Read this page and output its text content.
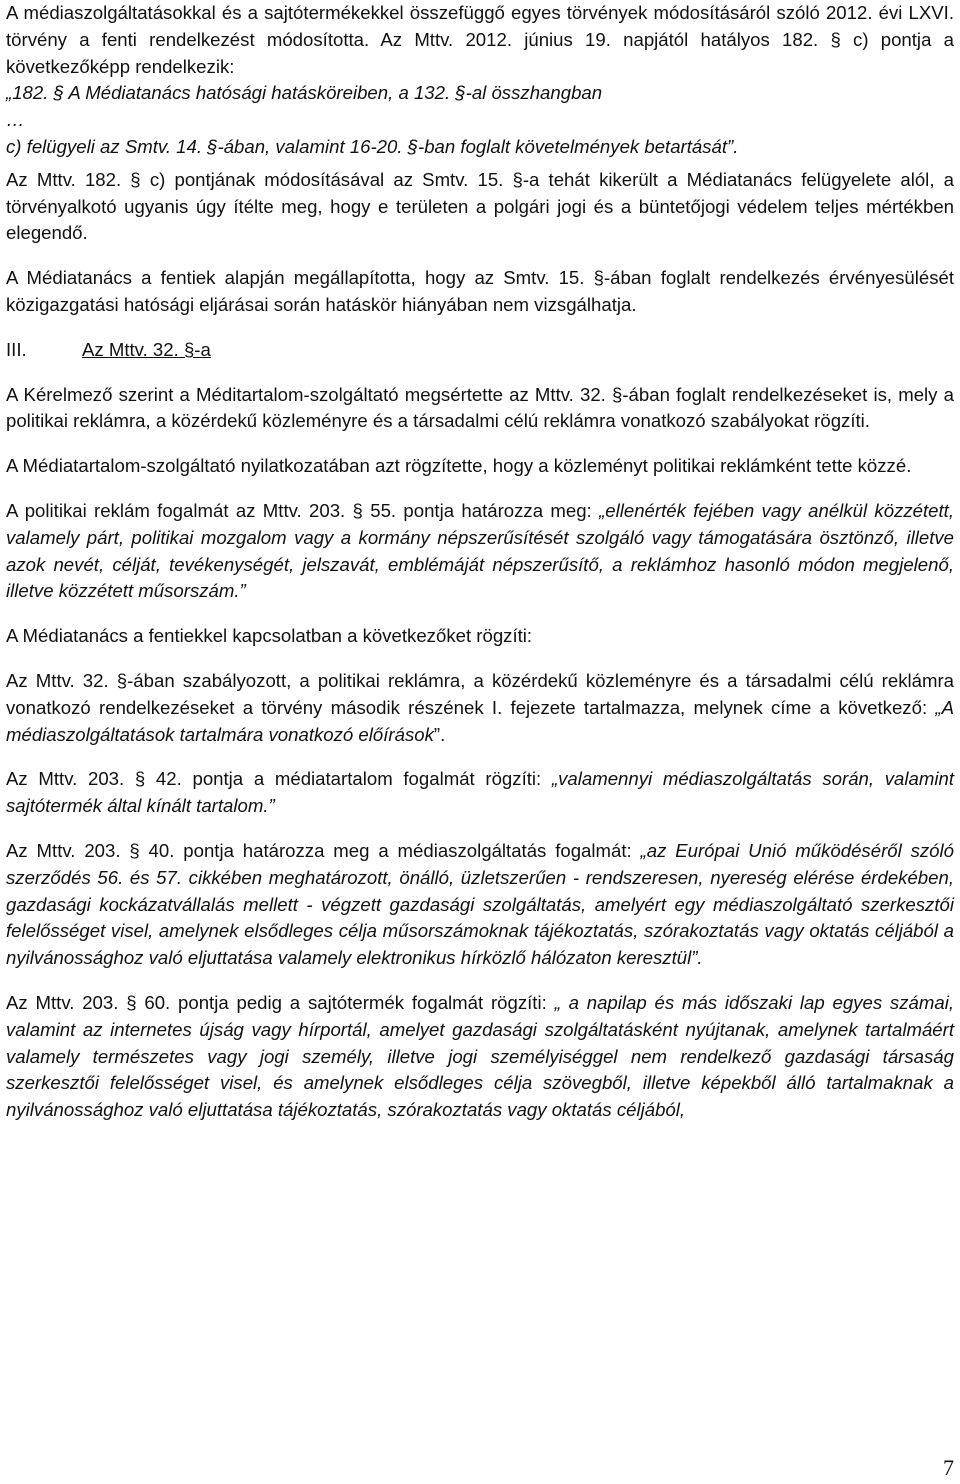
A médiaszolgáltatásokkal és a sajtótermékekkel összefüggő egyes törvények módosításáról szóló 2012. évi LXVI. törvény a fenti rendelkezést módosította. Az Mttv. 2012. június 19. napjától hatályos 182. § c) pontja a következőképp rendelkezik:

„182. § A Médiatanács hatósági hatásköreiben, a 132. §-al összhangban

…

c) felügyeli az Smtv. 14. §-ában, valamint 16-20. §-ban foglalt követelmények betartását”.

Az Mttv. 182. § c) pontjának módosításával az Smtv. 15. §-a tehát kikerült a Médiatanács felügyelete alól, a törvényalkotó ugyanis úgy ítélte meg, hogy e területen a polgári jogi és a büntetőjogi védelem teljes mértékben elegendő.

A Médiatanács a fentiek alapján megállapította, hogy az Smtv. 15. §-ában foglalt rendelkezés érvényesülését közigazgatási hatósági eljárásai során hatáskör hiányában nem vizsgálhatja.

III.	Az Mttv. 32. §-a

A Kérelmező szerint a Méditartalom-szolgáltató megsértette az Mttv. 32. §-ában foglalt rendelkezéseket is, mely a politikai reklámra, a közérdekű közleményre és a társadalmi célú reklámra vonatkozó szabályokat rögzíti.

A Médiatartalom-szolgáltató nyilatkozatában azt rögzítette, hogy a közleményt politikai reklámként tette közzé.

A politikai reklám fogalmát az Mttv. 203. § 55. pontja határozza meg: „ellenérték fejében vagy anélkül közzétett, valamely párt, politikai mozgalom vagy a kormány népszerűsítését szolgáló vagy támogatására ösztönző, illetve azok nevét, célját, tevékenységét, jelszavát, emblémáját népszerűsítő, a reklámhoz hasonló módon megjelenő, illetve közzétett műsorszám.”

A Médiatanács a fentiekkel kapcsolatban a következőket rögzíti:

Az Mttv. 32. §-ában szabályozott, a politikai reklámra, a közérdekű közleményre és a társadalmi célú reklámra vonatkozó rendelkezéseket a törvény második részének I. fejezete tartalmazza, melynek címe a következő: „A médiaszolgáltatások tartalmára vonatkozó előírások”.

Az Mttv. 203. § 42. pontja a médiatartalom fogalmát rögzíti: „valamennyi médiaszolgáltatás során, valamint sajtótermék által kínált tartalom.”

Az Mttv. 203. § 40. pontja határozza meg a médiaszolgáltatás fogalmát: „az Európai Unió működéséről szóló szerződés 56. és 57. cikkében meghatározott, önálló, üzletszerűen - rendszeresen, nyereség elérése érdekében, gazdasági kockázatvállalás mellett - végzett gazdasági szolgáltatás, amelyért egy médiaszolgáltató szerkesztői felelősséget visel, amelynek elsődleges célja műsorszámoknak tájékoztatás, szórakoztatás vagy oktatás céljából a nyilvánossághoz való eljuttatása valamely elektronikus hírközlő hálózaton keresztül”.

Az Mttv. 203. § 60. pontja pedig a sajtótermék fogalmát rögzíti: „ a napilap és más időszaki lap egyes számai, valamint az internetes újság vagy hírportál, amelyet gazdasági szolgáltatásként nyújtanak, amelynek tartalmáért valamely természetes vagy jogi személy, illetve jogi személyiséggel nem rendelkező gazdasági társaság szerkesztői felelősséget visel, és amelynek elsődleges célja szövegből, illetve képekből álló tartalmaknak a nyilvánossághoz való eljuttatása tájékoztatás, szórakoztatás vagy oktatás céljából,

7
